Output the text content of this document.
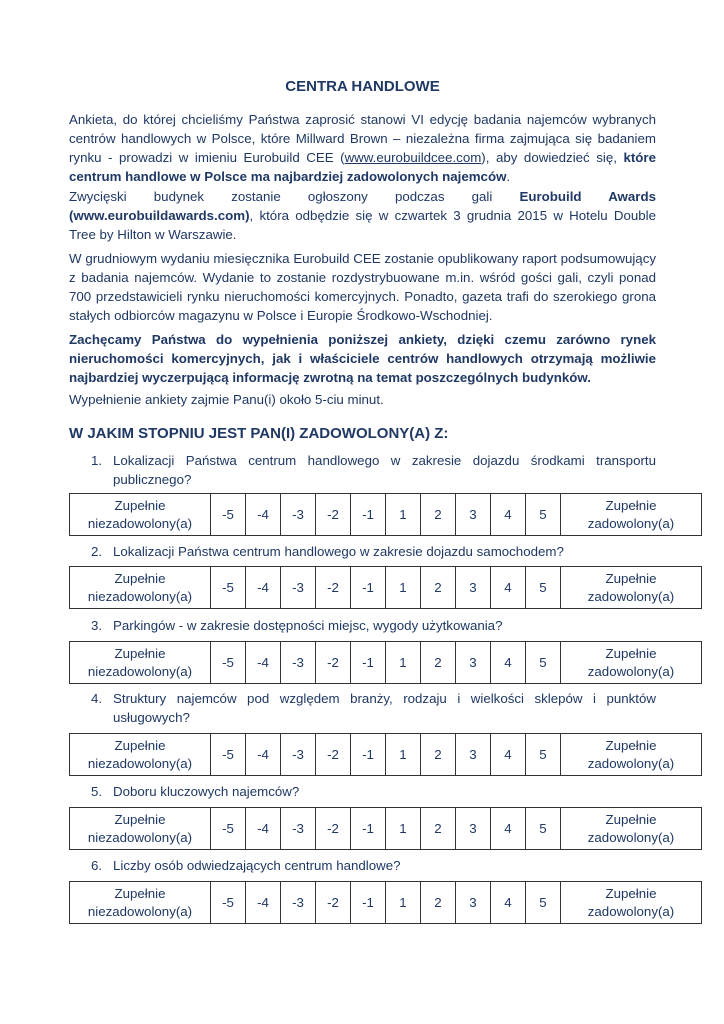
CENTRA HANDLOWE

Ankieta, do której chcieliśmy Państwa zaprosić stanowi VI edycję badania najemców wybranych centrów handlowych w Polsce, które Millward Brown – niezależna firma zajmująca się badaniem rynku - prowadzi w imieniu Eurobuild CEE (www.eurobuildcee.com), aby dowiedzieć się, które centrum handlowe w Polsce ma najbardziej zadowolonych najemców.

Zwycięski budynek zostanie ogłoszony podczas gali Eurobuild Awards (www.eurobuildawards.com), która odbędzie się w czwartek 3 grudnia 2015 w Hotelu Double Tree by Hilton w Warszawie.

W grudniowym wydaniu miesięcznika Eurobuild CEE zostanie opublikowany raport podsumowujący z badania najemców. Wydanie to zostanie rozdystrybuowane m.in. wśród gości gali, czyli ponad 700 przedstawicieli rynku nieruchomości komercyjnych. Ponadto, gazeta trafi do szerokiego grona stałych odbiorców magazynu w Polsce i Europie Środkowo-Wschodniej.

Zachęcamy Państwa do wypełnienia poniższej ankiety, dzięki czemu zarówno rynek nieruchomości komercyjnych, jak i właściciele centrów handlowych otrzymają możliwie najbardziej wyczerpującą informację zwrotną na temat poszczególnych budynków.

Wypełnienie ankiety zajmie Panu(i) około 5-ciu minut.

W JAKIM STOPNIU JEST PAN(I) ZADOWOLONY(A) Z:
1. Lokalizacji Państwa centrum handlowego w zakresie dojazdu środkami transportu publicznego?
Zupełnie niezadowolony(a)	-5	-4	-3	-2	-1	1	2	3	4	5	Zupełnie zadowolony(a)
2. Lokalizacji Państwa centrum handlowego w zakresie dojazdu samochodem?
Zupełnie niezadowolony(a)	-5	-4	-3	-2	-1	1	2	3	4	5	Zupełnie zadowolony(a)
3. Parkingów - w zakresie dostępności miejsc, wygody użytkowania?
Zupełnie niezadowolony(a)	-5	-4	-3	-2	-1	1	2	3	4	5	Zupełnie zadowolony(a)
4. Struktury najemców pod względem branży, rodzaju i wielkości sklepów i punktów usługowych?
Zupełnie niezadowolony(a)	-5	-4	-3	-2	-1	1	2	3	4	5	Zupełnie zadowolony(a)
5. Doboru kluczowych najemców?
Zupełnie niezadowolony(a)	-5	-4	-3	-2	-1	1	2	3	4	5	Zupełnie zadowolony(a)
6. Liczby osób odwiedzających centrum handlowe?
Zupełnie niezadowolony(a)	-5	-4	-3	-2	-1	1	2	3	4	5	Zupełnie zadowolony(a)
